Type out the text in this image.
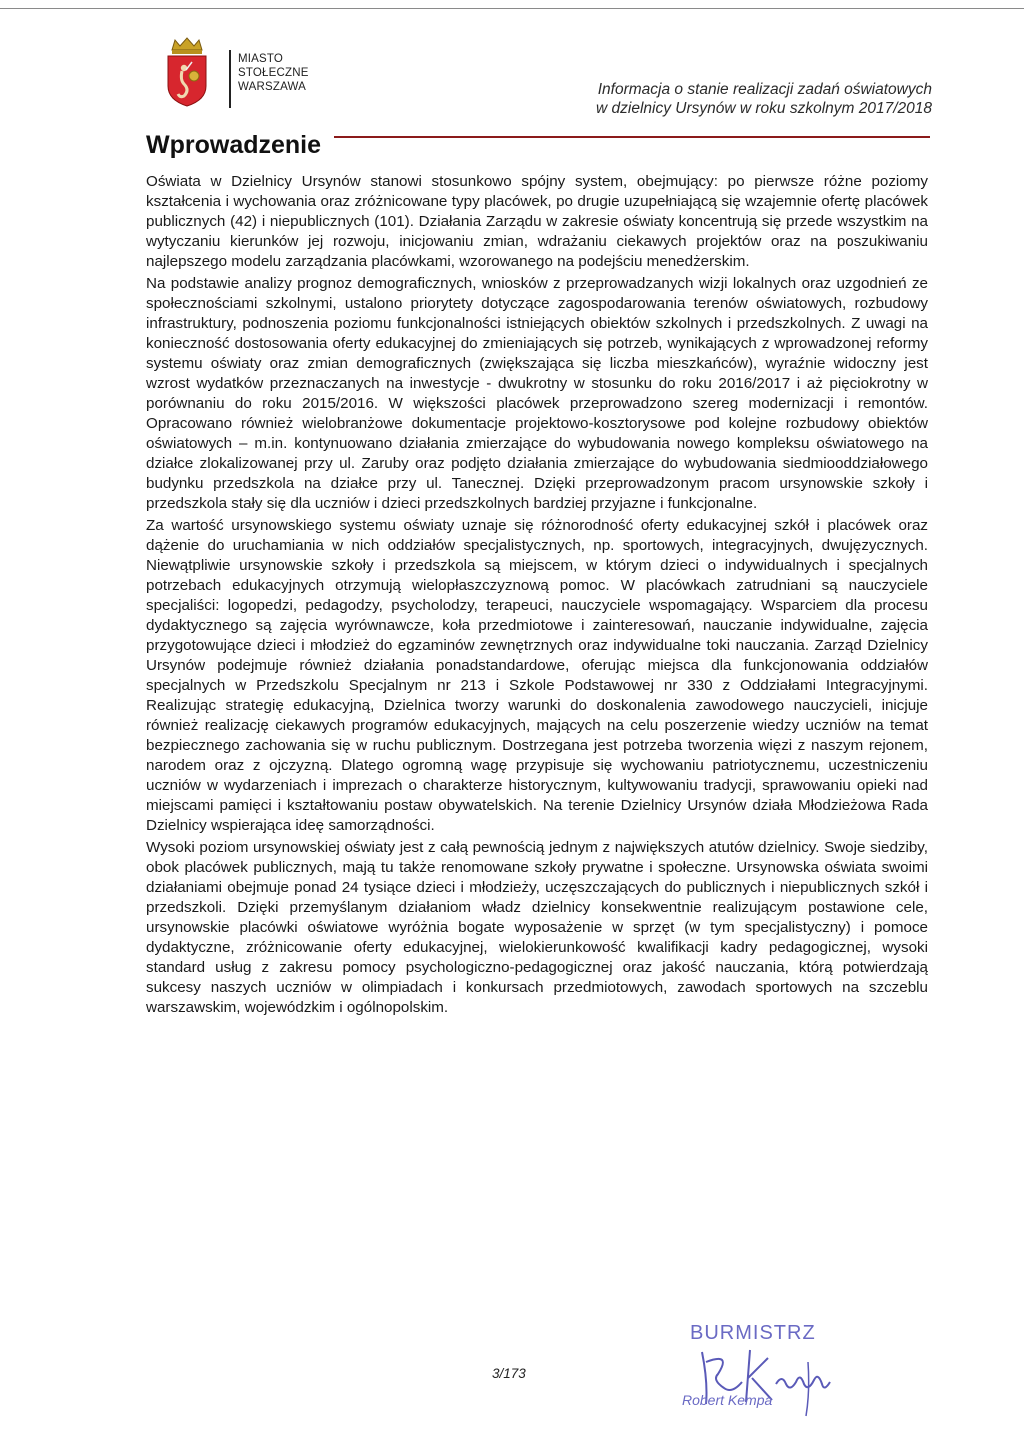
MIASTO
STOŁECZNE
WARSZAWA	Informacja o stanie realizacji zadań oświatowych
w dzielnicy Ursynów w roku szkolnym 2017/2018
Wprowadzenie

Oświata w Dzielnicy Ursynów stanowi stosunkowo spójny system, obejmujący: po pierwsze różne poziomy kształcenia i wychowania oraz zróżnicowane typy placówek, po drugie uzupełniającą się wzajemnie ofertę placówek publicznych (42) i niepublicznych (101). Działania Zarządu w zakresie oświaty koncentrują się przede wszystkim na wytyczaniu kierunków jej rozwoju, inicjowaniu zmian, wdrażaniu ciekawych projektów oraz na poszukiwaniu najlepszego modelu zarządzania placówkami, wzorowanego na podejściu menedżerskim.

Na podstawie analizy prognoz demograficznych, wniosków z przeprowadzanych wizji lokalnych oraz uzgodnień ze społecznościami szkolnymi, ustalono priorytety dotyczące zagospodarowania terenów oświatowych, rozbudowy infrastruktury, podnoszenia poziomu funkcjonalności istniejących obiektów szkolnych i przedszkolnych. Z uwagi na konieczność dostosowania oferty edukacyjnej do zmieniających się potrzeb, wynikających z wprowadzonej reformy systemu oświaty oraz zmian demograficznych (zwiększająca się liczba mieszkańców), wyraźnie widoczny jest wzrost wydatków przeznaczanych na inwestycje - dwukrotny w stosunku do roku 2016/2017 i aż pięciokrotny w porównaniu do roku 2015/2016. W większości placówek przeprowadzono szereg modernizacji i remontów. Opracowano również wielobranżowe dokumentacje projektowo-kosztorysowe pod kolejne rozbudowy obiektów oświatowych – m.in. kontynuowano działania zmierzające do wybudowania nowego kompleksu oświatowego na działce zlokalizowanej przy ul. Zaruby oraz podjęto działania zmierzające do wybudowania siedmiooddziałowego budynku przedszkola na działce przy ul. Tanecznej. Dzięki przeprowadzonym pracom ursynowskie szkoły i przedszkola stały się dla uczniów i dzieci przedszkolnych bardziej przyjazne i funkcjonalne.

Za wartość ursynowskiego systemu oświaty uznaje się różnorodność oferty edukacyjnej szkół i placówek oraz dążenie do uruchamiania w nich oddziałów specjalistycznych, np. sportowych, integracyjnych, dwujęzycznych. Niewątpliwie ursynowskie szkoły i przedszkola są miejscem, w którym dzieci o indywidualnych i specjalnych potrzebach edukacyjnych otrzymują wielopłaszczyznową pomoc. W placówkach zatrudniani są nauczyciele specjaliści: logopedzi, pedagodzy, psycholodzy, terapeuci, nauczyciele wspomagający. Wsparciem dla procesu dydaktycznego są zajęcia wyrównawcze, koła przedmiotowe i zainteresowań, nauczanie indywidualne, zajęcia przygotowujące dzieci i młodzież do egzaminów zewnętrznych oraz indywidualne toki nauczania. Zarząd Dzielnicy Ursynów podejmuje również działania ponadstandardowe, oferując miejsca dla funkcjonowania oddziałów specjalnych w Przedszkolu Specjalnym nr 213 i Szkole Podstawowej nr 330 z Oddziałami Integracyjnymi. Realizując strategię edukacyjną, Dzielnica tworzy warunki do doskonalenia zawodowego nauczycieli, inicjuje również realizację ciekawych programów edukacyjnych, mających na celu poszerzenie wiedzy uczniów na temat bezpiecznego zachowania się w ruchu publicznym. Dostrzegana jest potrzeba tworzenia więzi z naszym rejonem, narodem oraz z ojczyzną. Dlatego ogromną wagę przypisuje się wychowaniu patriotycznemu, uczestniczeniu uczniów w wydarzeniach i imprezach o charakterze historycznym, kultywowaniu tradycji, sprawowaniu opieki nad miejscami pamięci i kształtowaniu postaw obywatelskich. Na terenie Dzielnicy Ursynów działa Młodzieżowa Rada Dzielnicy wspierająca ideę samorządności.

Wysoki poziom ursynowskiej oświaty jest z całą pewnością jednym z największych atutów dzielnicy. Swoje siedziby, obok placówek publicznych, mają tu także renomowane szkoły prywatne i społeczne. Ursynowska oświata swoimi działaniami obejmuje ponad 24 tysiące dzieci i młodzieży, uczęszczających do publicznych i niepublicznych szkół i przedszkoli. Dzięki przemyślanym działaniom władz dzielnicy konsekwentnie realizującym postawione cele, ursynowskie placówki oświatowe wyróżnia bogate wyposażenie w sprzęt (w tym specjalistyczny) i pomoce dydaktyczne, zróżnicowanie oferty edukacyjnej, wielokierunkowość kwalifikacji kadry pedagogicznej, wysoki standard usług z zakresu pomocy psychologiczno-pedagogicznej oraz jakość nauczania, którą potwierdzają sukcesy naszych uczniów w olimpiadach i konkursach przedmiotowych, zawodach sportowych na szczeblu warszawskim, wojewódzkim i ogólnopolskim.

3/173
BURMISTRZ
Robert Kempa
